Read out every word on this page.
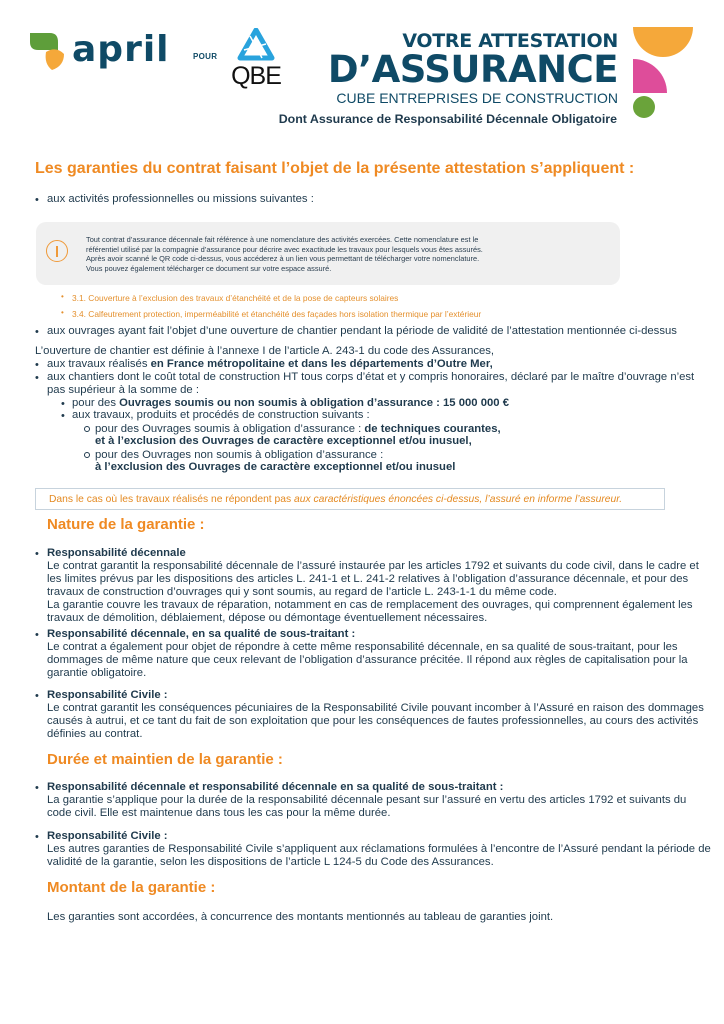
april	POUR
QBE
VOTRE ATTESTATION
D’ASSURANCE
CUBE ENTREPRISES DE CONSTRUCTION
Dont Assurance de Responsabilité Décennale Obligatoire
Les garanties du contrat faisant l’objet de la présente attestation s’appliquent :
• aux activités professionnelles ou missions suivantes :
Tout contrat d’assurance décennale fait référence à une nomenclature des activités exercées. Cette nomenclature est le
référentiel utilisé par la compagnie d’assurance pour décrire avec exactitude les travaux pour lesquels vous êtes assurés.
Après avoir scanné le QR code ci-dessus, vous accéderez à un lien vous permettant de télécharger votre nomenclature.
Vous pouvez également télécharger ce document sur votre espace assuré.
• 3.1. Couverture à l’exclusion des travaux d’étanchéité et de la pose de capteurs solaires
• 3.4. Calfeutrement protection, imperméabilité et étanchéité des façades hors isolation thermique par l’extérieur
• aux ouvrages ayant fait l’objet d’une ouverture de chantier pendant la période de validité de l’attestation mentionnée ci-dessus
L’ouverture de chantier est définie à l’annexe I de l’article A. 243-1 du code des Assurances,
• aux travaux réalisés en France métropolitaine et dans les départements d’Outre Mer,
• aux chantiers dont le coût total de construction HT tous corps d’état et y compris honoraires, déclaré par le maître d’ouvrage n’est
pas supérieur à la somme de :
• pour des Ouvrages soumis ou non soumis à obligation d’assurance : 15 000 000 €
• aux travaux, produits et procédés de construction suivants :
pour des Ouvrages soumis à obligation d’assurance : de techniques courantes,
et à l’exclusion des Ouvrages de caractère exceptionnel et/ou inusuel,
pour des Ouvrages non soumis à obligation d’assurance :
à l’exclusion des Ouvrages de caractère exceptionnel et/ou inusuel
Dans le cas où les travaux réalisés ne répondent pas aux caractéristiques énoncées ci-dessus, l’assuré en informe l’assureur.
Nature de la garantie :
• Responsabilité décennale
Le contrat garantit la responsabilité décennale de l’assuré instaurée par les articles 1792 et suivants du code civil, dans le cadre et
les limites prévus par les dispositions des articles L. 241-1 et L. 241-2 relatives à l’obligation d’assurance décennale, et pour des
travaux de construction d’ouvrages qui y sont soumis, au regard de l’article L. 243-1-1 du même code.
La garantie couvre les travaux de réparation, notamment en cas de remplacement des ouvrages, qui comprennent également les
travaux de démolition, déblaiement, dépose ou démontage éventuellement nécessaires.
• Responsabilité décennale, en sa qualité de sous-traitant :
Le contrat a également pour objet de répondre à cette même responsabilité décennale, en sa qualité de sous-traitant, pour les
dommages de même nature que ceux relevant de l’obligation d’assurance précitée. Il répond aux règles de capitalisation pour la
garantie obligatoire.
• Responsabilité Civile :
Le contrat garantit les conséquences pécuniaires de la Responsabilité Civile pouvant incomber à l’Assuré en raison des dommages
causés à autrui, et ce tant du fait de son exploitation que pour les conséquences de fautes professionnelles, au cours des activités
définies au contrat.
Durée et maintien de la garantie :
• Responsabilité décennale et responsabilité décennale en sa qualité de sous-traitant :
La garantie s’applique pour la durée de la responsabilité décennale pesant sur l’assuré en vertu des articles 1792 et suivants du
code civil. Elle est maintenue dans tous les cas pour la même durée.
• Responsabilité Civile :
Les autres garanties de Responsabilité Civile s’appliquent aux réclamations formulées à l’encontre de l’Assuré pendant la période de
validité de la garantie, selon les dispositions de l’article L 124-5 du Code des Assurances.
Montant de la garantie :
Les garanties sont accordées, à concurrence des montants mentionnés au tableau de garanties joint.
